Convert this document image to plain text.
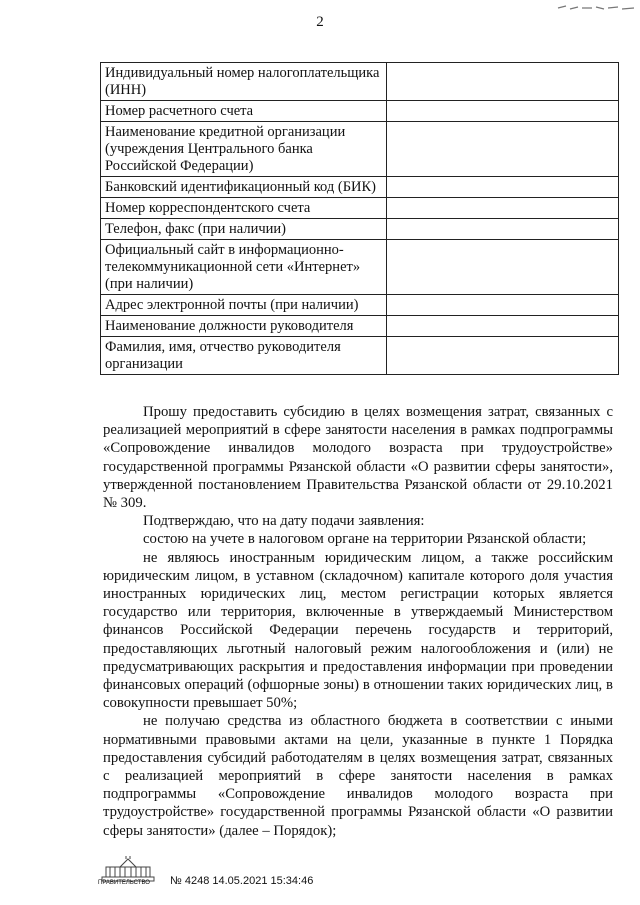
2
Индивидуальный номер налогоплательщика (ИНН)	
Номер расчетного счета	
Наименование кредитной организации (учреждения Центрального банка Российской Федерации)	
Банковский идентификационный код (БИК)	
Номер корреспондентского счета	
Телефон, факс (при наличии)	
Официальный сайт в информационно-телекоммуникационной сети «Интернет» (при наличии)	
Адрес электронной почты (при наличии)	
Наименование должности руководителя	
Фамилия, имя, отчество руководителя организации	

Прошу предоставить субсидию в целях возмещения затрат, связанных с реализацией мероприятий в сфере занятости населения в рамках подпрограммы «Сопровождение инвалидов молодого возраста при трудоустройстве» государственной программы Рязанской области «О развитии сферы занятости», утвержденной постановлением Правительства Рязанской области от 29.10.2021 № 309.

Подтверждаю, что на дату подачи заявления:

состою на учете в налоговом органе на территории Рязанской области;

не являюсь иностранным юридическим лицом, а также российским юридическим лицом, в уставном (складочном) капитале которого доля участия иностранных юридических лиц, местом регистрации которых является государство или территория, включенные в утверждаемый Министерством финансов Российской Федерации перечень государств и территорий, предоставляющих льготный налоговый режим налогообложения и (или) не предусматривающих раскрытия и предоставления информации при проведении финансовых операций (офшорные зоны) в отношении таких юридических лиц, в совокупности превышает 50%;

не получаю средства из областного бюджета в соответствии с иными нормативными правовыми актами на цели, указанные в пункте 1 Порядка предоставления субсидий работодателям в целях возмещения затрат, связанных с реализацией мероприятий в сфере занятости населения в рамках подпрограммы «Сопровождение инвалидов молодого возраста при трудоустройстве» государственной программы Рязанской области «О развитии сферы занятости» (далее – Порядок);

ПРАВИТЕЛЬСТВО № 4248 14.05.2021 15:34:46
